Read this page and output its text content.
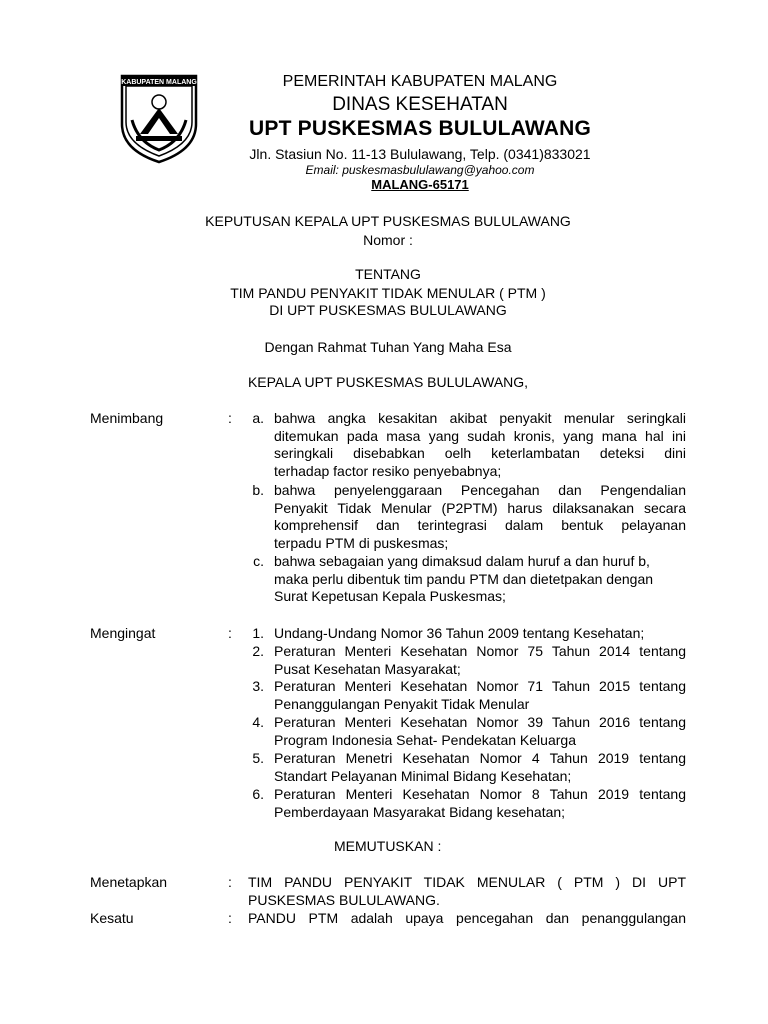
KABUPATEN MALANG	PEMERINTAH KABUPATEN MALANG
DINAS KESEHATAN
UPT PUSKESMAS BULULAWANG
Jln. Stasiun No. 11-13 Bululawang, Telp. (0341)833021
Email: puskesmasbululawang@yahoo.com
MALANG-65171
KEPUTUSAN KEPALA UPT PUSKESMAS BULULAWANG
Nomor :
TENTANG
TIM PANDU PENYAKIT TIDAK MENULAR ( PTM )
DI UPT PUSKESMAS BULULAWANG
Dengan Rahmat Tuhan Yang Maha Esa
KEPALA UPT PUSKESMAS BULULAWANG,
Menimbang	:	a. bahwa angka kesakitan akibat penyakit menular seringkali
ditemukan pada masa yang sudah kronis, yang mana hal ini
seringkali disebabkan oelh keterlambatan deteksi dini
terhadap factor resiko penyebabnya;
b. bahwa penyelenggaraan Pencegahan dan Pengendalian
Penyakit Tidak Menular (P2PTM) harus dilaksanakan secara
komprehensif dan terintegrasi dalam bentuk pelayanan
terpadu PTM di puskesmas;
c. bahwa sebagaian yang dimaksud dalam huruf a dan huruf b,
maka perlu dibentuk tim pandu PTM dan dietetpakan dengan
Surat Kepetusan Kepala Puskesmas;
Mengingat	:	1. Undang-Undang Nomor 36 Tahun 2009 tentang Kesehatan;
2. Peraturan Menteri Kesehatan Nomor 75 Tahun 2014 tentang
Pusat Kesehatan Masyarakat;
3. Peraturan Menteri Kesehatan Nomor 71 Tahun 2015 tentang
Penanggulangan Penyakit Tidak Menular
4. Peraturan Menteri Kesehatan Nomor 39 Tahun 2016 tentang
Program Indonesia Sehat- Pendekatan Keluarga
5. Peraturan Menetri Kesehatan Nomor 4 Tahun 2019 tentang
Standart Pelayanan Minimal Bidang Kesehatan;
6. Peraturan Menteri Kesehatan Nomor 8 Tahun 2019 tentang
Pemberdayaan Masyarakat Bidang kesehatan;
MEMUTUSKAN :
Menetapkan	: TIM PANDU PENYAKIT TIDAK MENULAR ( PTM ) DI UPT
PUSKESMAS BULULAWANG.
Kesatu	: PANDU PTM adalah upaya pencegahan dan penanggulangan
